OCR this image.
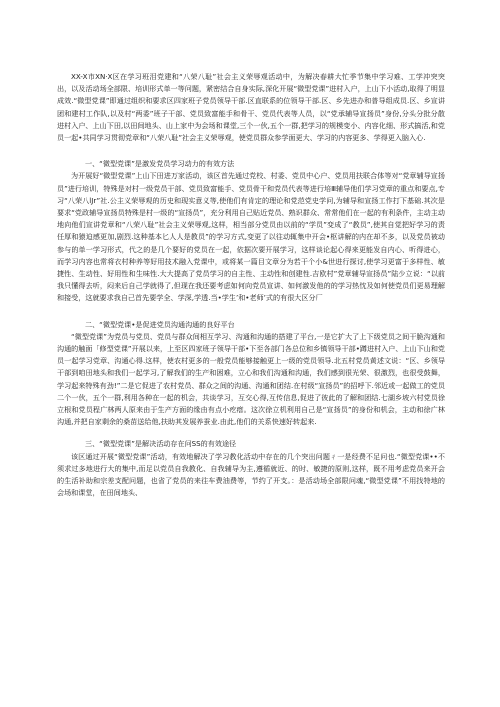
XX-X市XN·X区在学习班泪党建和“八荣八耻”社会主义荣辱观活动中，为解决春耕大忙季节集中学习难、工学冲突突出，以及活动场全部限、培训形式单一等问题，紧密结合自身实际,深化开展“微型党课”进村入户，上山下小活动,取得了明显成效.“微型党课”即通过组织和要求区四家班子党员领导干部.区直联系的位领导干部.区、乡先进办和普导组成员.区、乡宣讲团和建村工作队,以及村“两委”班子干部、党员致富能手和骨干、党员代表等人员，以“党承辅导宣扬员”身份,分头分批分散进村入户、上山下田,以田间地头、山上家中为会场和课堂,三个一伙,五个一群,把学习的规模变小、内容化细、形式搞活,和党员一起•共同学习贯彻党章和“八荣八耻”社会主义荣辱观，使党员群众参学面更大、学习的内容更多、学得更入脑入心.

一、“微型党课”是激发党员学习动力的有效方法

为开展好“微型党课”上山下田进万家活动，该区首先通过党校、村委、党员中心户、党员用扶联合体等对“党章辅导宣扬员”进行培训，特殊是对村一级党员干部、党员致富能手、党员骨干和党员代表等进行培Ⅲ辅导他们学习党章的重点和要点,专习“八荣八lJr”社.公主义荣辱观的历史和现实意义等,使他们有肯定的理论和党范党史学问,为辅导和宣扬工作打下基础.其次是要求“党政辅导宣扬员特殊是村一级的“宣扬员”，充分利用自己贴近党员、熟识群众、常常他们在一起的有利条件，主动主动地向他们宣讲党章和“八荣八耻”社会主义荣辱观,这样，相当部分党员由以前的“学员”变成了“教员”,使其自觉把好学习的责任厚和猿迫感更加,剧烈.这种基本匕人人是教员”的学习方式,变更了以往动辄集中开会•枢讲解的内在却不多，以及党员被动参与的单一学习形式，代之的是几个要好的党员在一起，依据次要开展学习，这样谈论起心得来更能发自内心、听得进心，而学习内容也常将衣村种养等好用技术融入党课中，或将某一篇目文章分为若干个小&世进行探讨,使学习更富于多样性、敏捷性、生动性、好用性和生味性.大大提高了党员学习的自主性、主动性和创建性.吉欧村”党章辅导宣扬员”陆少立说：“以前我只懂得去听，闷来后自己学就得了,但现在我还要考虑如何向党员宣讲、如何激发他的的学习热忱及如何使党员们更易理解和接受，这就要求我自己首先要学全、学深,学透.当•学生’和•老师’式的有很大区分厂

二、“微型党课•是促进党员沟通沟通的良好平台

“微型党课”为党员与党员、党员与群众间相互学习、沟通和沟通的搭建了平台,一是它扩大了上下级党员之间干脆沟通和沟通的触面「修型党课”开展以来，上至区四家班子领导干部•下至各部门各总位和乡镇领导干部•蹲进村入户、上山下山和党员一起学习党章、沟通心得.这样，使农村更多的一般党员能够接触更上一级的党员领导.北五村党员黄述文说：“区、乡领导干部到咱田地头和我们一起学习,了解我们的生产和困难，立心和我们沟通和沟通，我们感到很光荣、很激烈，也很受鼓舞，学习起来特殊有劲!”二是它促进了农村党员、群众之间的沟通、沟通和团结.在村级“宣扬员”的招呼下.邻近或一起做工的党员二个一伙，五个一群,利用各种在一起的机会，共谈学习，互交心得,互传信息,促进了彼此的了解和团结.七湖乡坡六村党员徐立根和党员程广林两人原来由于生产方面的缘由有点小疙瘩。这次徐立机利用自己是“宣扬员”的身份和机会，主动和徐广林沟通,并把自家剩余的桑苗送给他,扶助其发展养蚕业.由此,他们的关系快速好转起来.

三、“微型党课”是解决活动存在问SS的有效途径

该区通过开展“微型党课”活动，有效地解决了学习教化活动中存在的几个突出问题ㄔ一是经费不足问也.“微型党课••不须求过多地进行大的集中,而足以党员自我教化、自我辅导为主,遵循就近、的时、敏捷的原则,这样，既不用考虑党员来开会的生活补助和宗差支配问题，也省了党员的来往车费油费等，节约了开支。：是活动场全部限问魂,“微型党课”不用找特地的会场和课堂，在田间地头、
